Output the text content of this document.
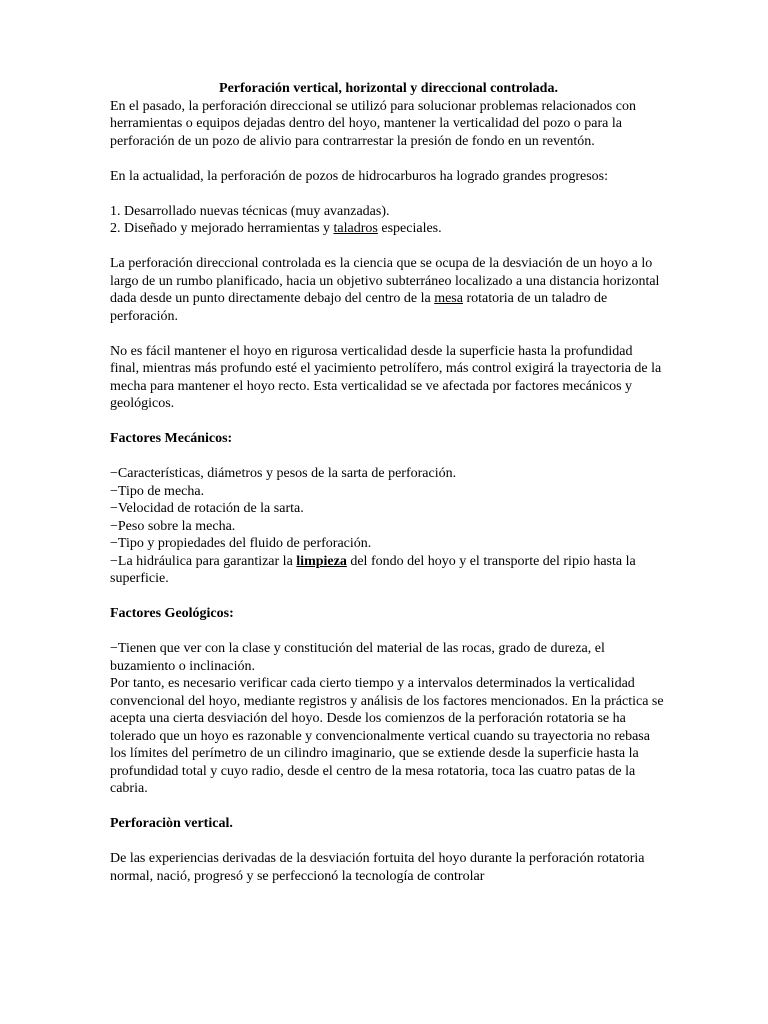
Perforación vertical, horizontal y direccional controlada.

En el pasado, la perforación direccional se utilizó para solucionar problemas relacionados con herramientas o equipos dejadas dentro del hoyo, mantener la verticalidad del pozo o para la perforación de un pozo de alivio para contrarrestar la presión de fondo en un reventón.

En la actualidad, la perforación de pozos de hidrocarburos ha logrado grandes progresos:

1. Desarrollado nuevas técnicas (muy avanzadas).

2. Diseñado y mejorado herramientas y taladros especiales.

La perforación direccional controlada es la ciencia que se ocupa de la desviación de un hoyo a lo largo de un rumbo planificado, hacia un objetivo subterráneo localizado a una distancia horizontal dada desde un punto directamente debajo del centro de la mesa rotatoria de un taladro de perforación.

No es fácil mantener el hoyo en rigurosa verticalidad desde la superficie hasta la profundidad final, mientras más profundo esté el yacimiento petrolífero, más control exigirá la trayectoria de la mecha para mantener el hoyo recto. Esta verticalidad se ve afectada por factores mecánicos y geológicos.

Factores Mecánicos:

−Características, diámetros y pesos de la sarta de perforación.

−Tipo de mecha.

−Velocidad de rotación de la sarta.

−Peso sobre la mecha.

−Tipo y propiedades del fluido de perforación.

−La hidráulica para garantizar la limpieza del fondo del hoyo y el transporte del ripio hasta la superficie.

Factores Geológicos:

−Tienen que ver con la clase y constitución del material de las rocas, grado de dureza, el buzamiento o inclinación.

Por tanto, es necesario verificar cada cierto tiempo y a intervalos determinados la verticalidad convencional del hoyo, mediante registros y análisis de los factores mencionados. En la práctica se acepta una cierta desviación del hoyo. Desde los comienzos de la perforación rotatoria se ha tolerado que un hoyo es razonable y convencionalmente vertical cuando su trayectoria no rebasa los límites del perímetro de un cilindro imaginario, que se extiende desde la superficie hasta la profundidad total y cuyo radio, desde el centro de la mesa rotatoria, toca las cuatro patas de la cabria.

Perforaciòn vertical.

De las experiencias derivadas de la desviación fortuita del hoyo durante la perforación rotatoria normal, nació, progresó y se perfeccionó la tecnología de controlar
